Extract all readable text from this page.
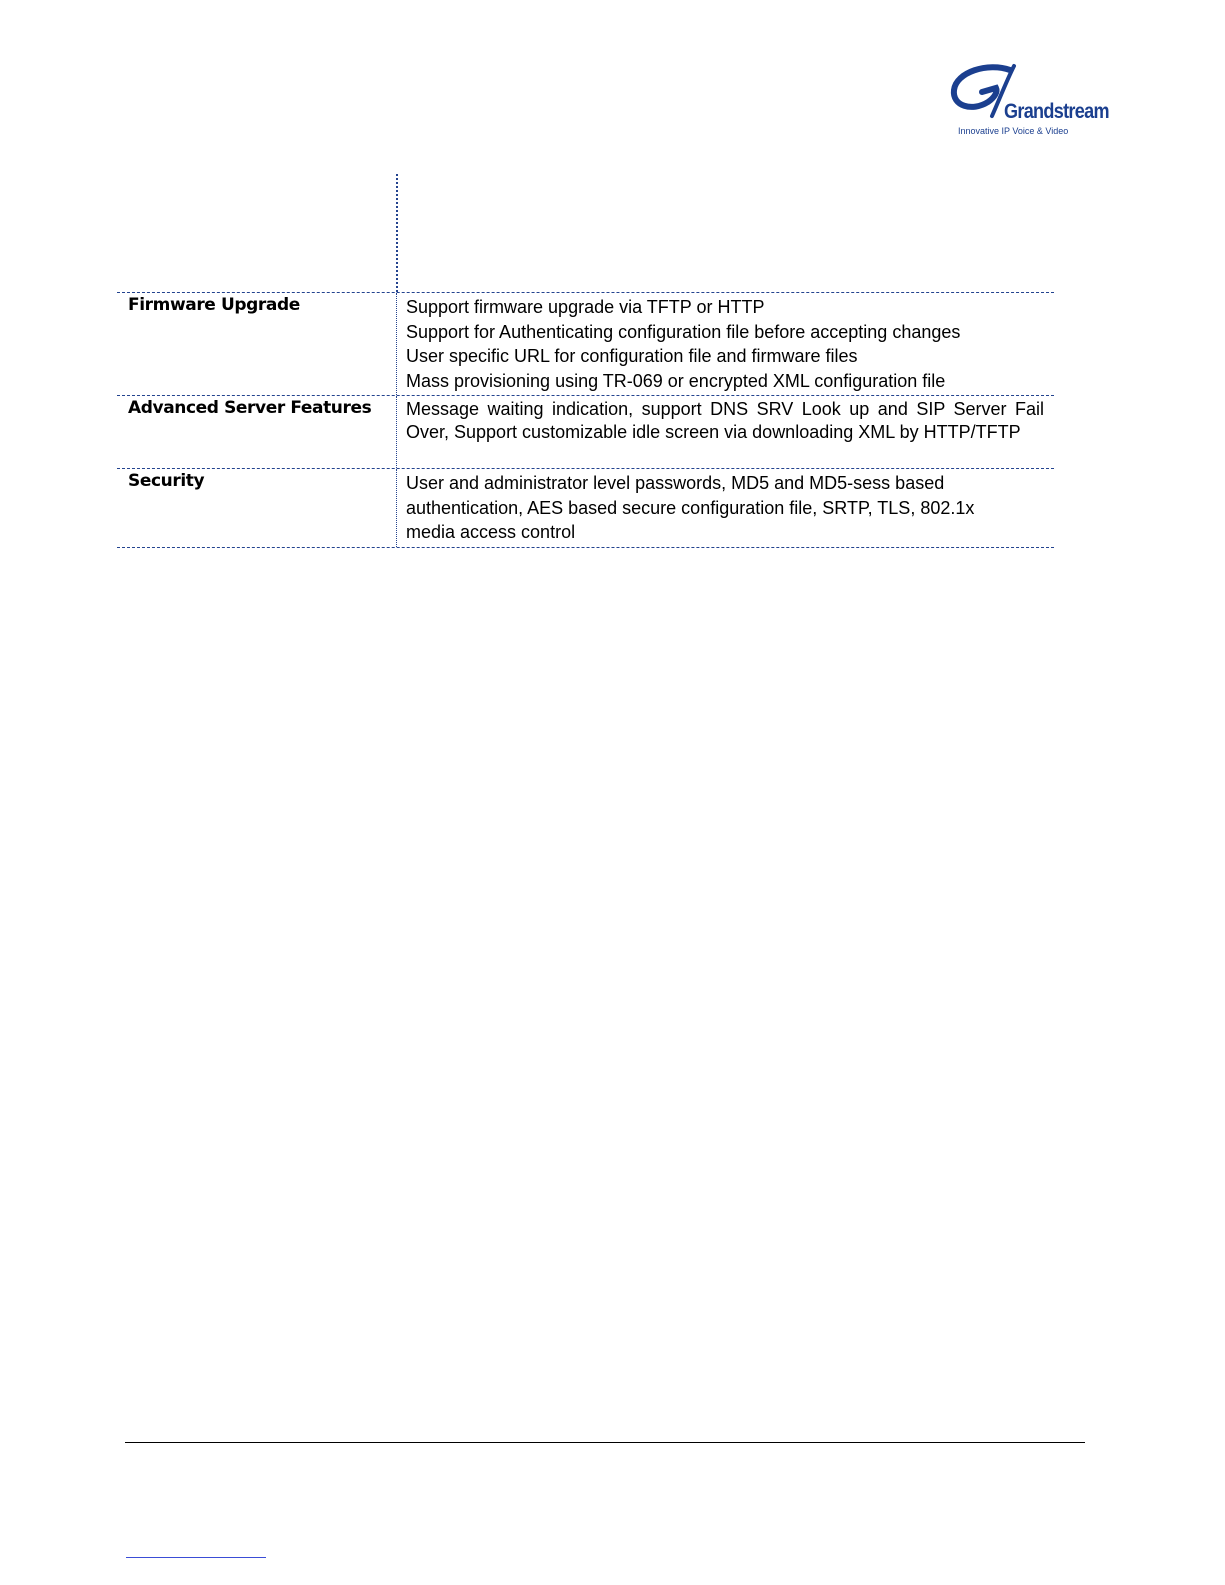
Grandstream
Innovative IP Voice & Video
Firmware Upgrade	Support firmware upgrade via TFTP or HTTP
Support for Authenticating configuration file before accepting changes
User specific URL for configuration file and firmware files
Mass provisioning using TR-069 or encrypted XML configuration file
Advanced Server Features	Message waiting indication, support DNS SRV Look up and SIP Server Fail Over, Support customizable idle screen via downloading XML by HTTP/TFTP
Security	User and administrator level passwords, MD5 and MD5-sess based
authentication, AES based secure configuration file, SRTP, TLS, 802.1x
media access control
